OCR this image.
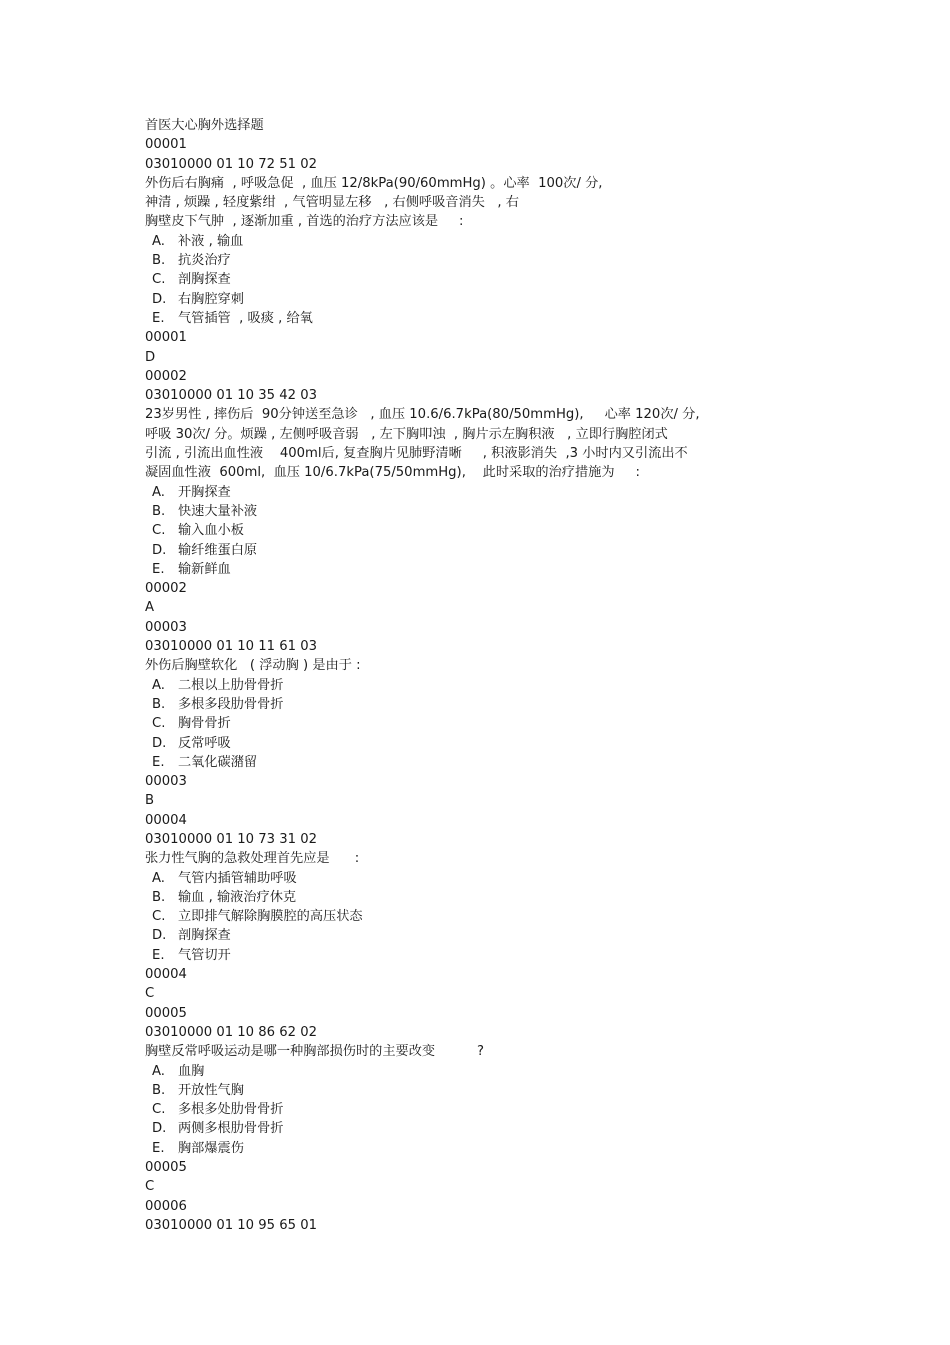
首医大心胸外选择题
00001
03010000 01 10 72 51 02
外伤后右胸痛  , 呼吸急促  , 血压 12/8kPa(90/60mmHg) 。心率  100次/ 分,
神清 , 烦躁 , 轻度紫绀  , 气管明显左移   , 右侧呼吸音消失   , 右
胸壁皮下气肿  , 逐渐加重 , 首选的治疗方法应该是     :
A. 补液 , 输血
B. 抗炎治疗
C. 剖胸探查
D. 右胸腔穿刺
E. 气管插管  , 吸痰 , 给氧
00001
D
00002
03010000 01 10 35 42 03
23岁男性 , 摔伤后  90分钟送至急诊   , 血压 10.6/6.7kPa(80/50mmHg),     心率 120次/ 分,
呼吸 30次/ 分。烦躁 , 左侧呼吸音弱   , 左下胸叩浊  , 胸片示左胸积液   , 立即行胸腔闭式
引流 , 引流出血性液    400ml后, 复查胸片见肺野清晰     , 积液影消失  ,3 小时内又引流出不
凝固血性液  600ml,  血压 10/6.7kPa(75/50mmHg),    此时采取的治疗措施为     :
A. 开胸探查
B. 快速大量补液
C. 输入血小板
D. 输纤维蛋白原
E. 输新鲜血
00002
A
00003
03010000 01 10 11 61 03
外伤后胸壁软化   ( 浮动胸 ) 是由于 :
A. 二根以上肋骨骨折
B. 多根多段肋骨骨折
C. 胸骨骨折
D. 反常呼吸
E. 二氧化碳潴留
00003
B
00004
03010000 01 10 73 31 02
张力性气胸的急救处理首先应是      :
A. 气管内插管辅助呼吸
B. 输血 , 输液治疗休克
C. 立即排气解除胸膜腔的高压状态
D. 剖胸探查
E. 气管切开
00004
C
00005
03010000 01 10 86 62 02
胸壁反常呼吸运动是哪一种胸部损伤时的主要改变          ?
A. 血胸
B. 开放性气胸
C. 多根多处肋骨骨折
D. 两侧多根肋骨骨折
E. 胸部爆震伤
00005
C
00006
03010000 01 10 95 65 01
